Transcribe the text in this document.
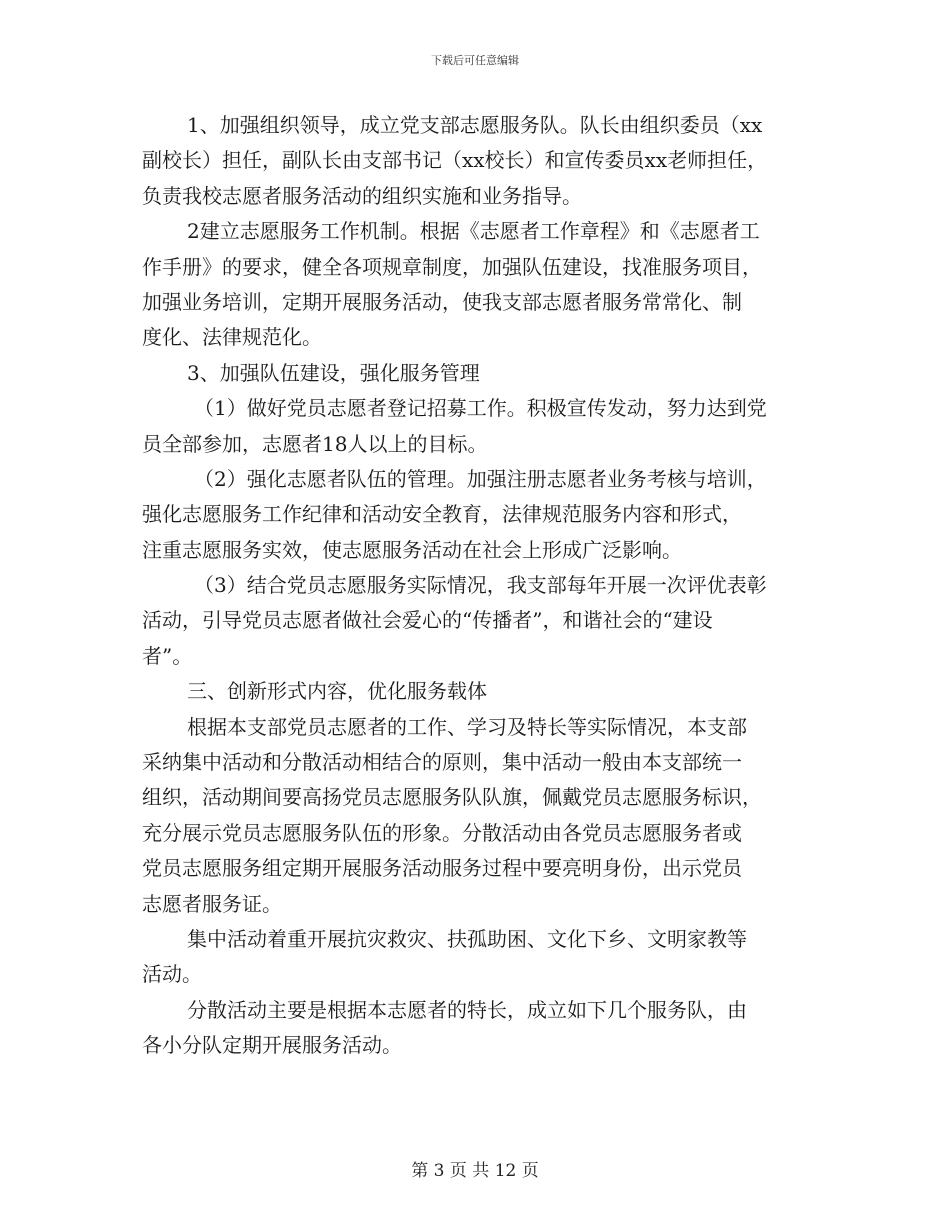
下载后可任意编辑
1、加强组织领导，成立党支部志愿服务队。队长由组织委员（xx
副校长）担任，副队长由支部书记（xx校长）和宣传委员xx老师担任，
负责我校志愿者服务活动的组织实施和业务指导。
2建立志愿服务工作机制。根据《志愿者工作章程》和《志愿者工
作手册》的要求，健全各项规章制度，加强队伍建设，找准服务项目，
加强业务培训，定期开展服务活动，使我支部志愿者服务常常化、制
度化、法律规范化。
3、加强队伍建设，强化服务管理
（1）做好党员志愿者登记招募工作。积极宣传发动，努力达到党
员全部参加，志愿者18人以上的目标。
（2）强化志愿者队伍的管理。加强注册志愿者业务考核与培训，
强化志愿服务工作纪律和活动安全教育，法律规范服务内容和形式，
注重志愿服务实效，使志愿服务活动在社会上形成广泛影响。
（3）结合党员志愿服务实际情况，我支部每年开展一次评优表彰
活动，引导党员志愿者做社会爱心的“传播者”，和谐社会的“建设
者”。
三、创新形式内容，优化服务载体
根据本支部党员志愿者的工作、学习及特长等实际情况，本支部
采纳集中活动和分散活动相结合的原则，集中活动一般由本支部统一
组织，活动期间要高扬党员志愿服务队队旗，佩戴党员志愿服务标识，
充分展示党员志愿服务队伍的形象。分散活动由各党员志愿服务者或
党员志愿服务组定期开展服务活动服务过程中要亮明身份，出示党员
志愿者服务证。
集中活动着重开展抗灾救灾、扶孤助困、文化下乡、文明家教等
活动。
分散活动主要是根据本志愿者的特长，成立如下几个服务队，由
各小分队定期开展服务活动。
第 3 页 共 12 页
